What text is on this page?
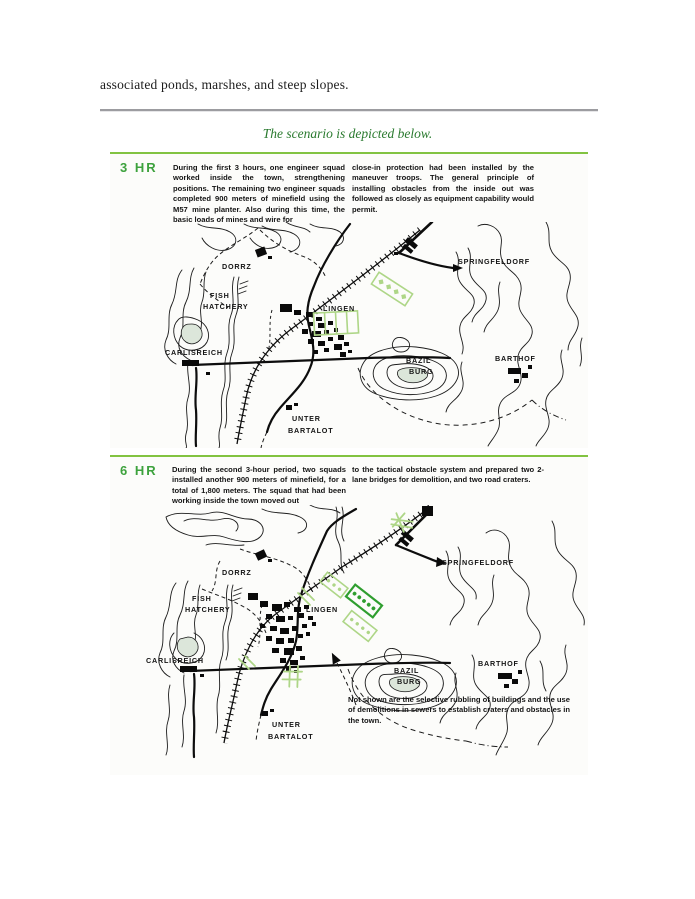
associated ponds, marshes, and steep slopes.

The scenario is depicted below.

3 HR During the first 3 hours, one engineer squad worked inside the town, strengthening positions. The remaining two engineer squads completed 900 meters of minefield using the M57 mine planter. Also during this time, the basic loads of mines and wire for

close-in protection had been installed by the maneuver troops. The general principle of installing obstacles from the inside out was followed as closely as equipment capability would permit.

DORRZ
SPRINGFELDORF
FISH
HATCHERY	LINGEN
CARLISREICH
BAZIL
BURG
BARTHOF
UNTER
BARTALOT
6 HR During the second 3-hour period, two squads installed another 900 meters of minefield, for a total of 1,800 meters. The squad that had been working inside the town moved out

to the tactical obstacle system and prepared two 2-lane bridges for demolition, and two road craters.

DORRZ
SPRINGFELDORF
FISH
HATCHERY	LINGEN
CARLISREICH
BAZIL
BURG
BARTHOF
UNTER
BARTALOT

Not shown are the selective rubbling of buildings and the use of demolitions in sewers to establish craters and obstacles in the town.
